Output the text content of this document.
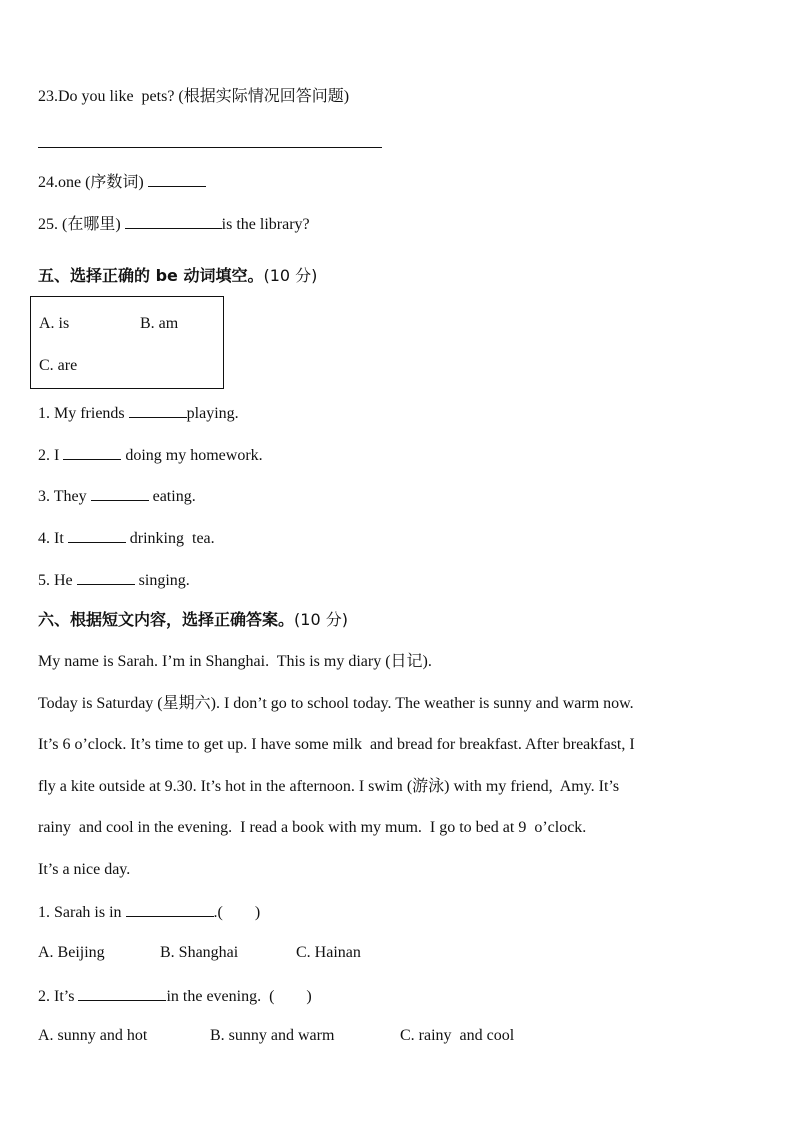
23.Do you like  pets? (根据实际情况回答问题)
24.one (序数词)
25. (在哪里)	is the library?
五、选择正确的 be 动词填空。(10 分)
A. is	B. am
C. are
1. My friends	playing.
2. I	doing my homework.
3. They	eating.
4. It	drinking  tea.
5. He	singing.
六、根据短文内容，选择正确答案。(10 分)
My name is Sarah. I’m in Shanghai.  This is my diary (日记).
Today is Saturday (星期六). I don’t go to school today. The weather is sunny and warm now.
It’s 6 o’clock. It’s time to get up. I have some milk  and bread for breakfast. After breakfast, I
fly a kite outside at 9.30. It’s hot in the afternoon. I swim (游泳) with my friend,  Amy. It’s
rainy  and cool in the evening.  I read a book with my mum.  I go to bed at 9  o’clock.
It’s a nice day.
1. Sarah is in	.(        )
A. Beijing	B. Shanghai	C. Hainan
2. It’s	in the evening.  (        )
A. sunny and hot	B. sunny and warm	C. rainy  and cool
